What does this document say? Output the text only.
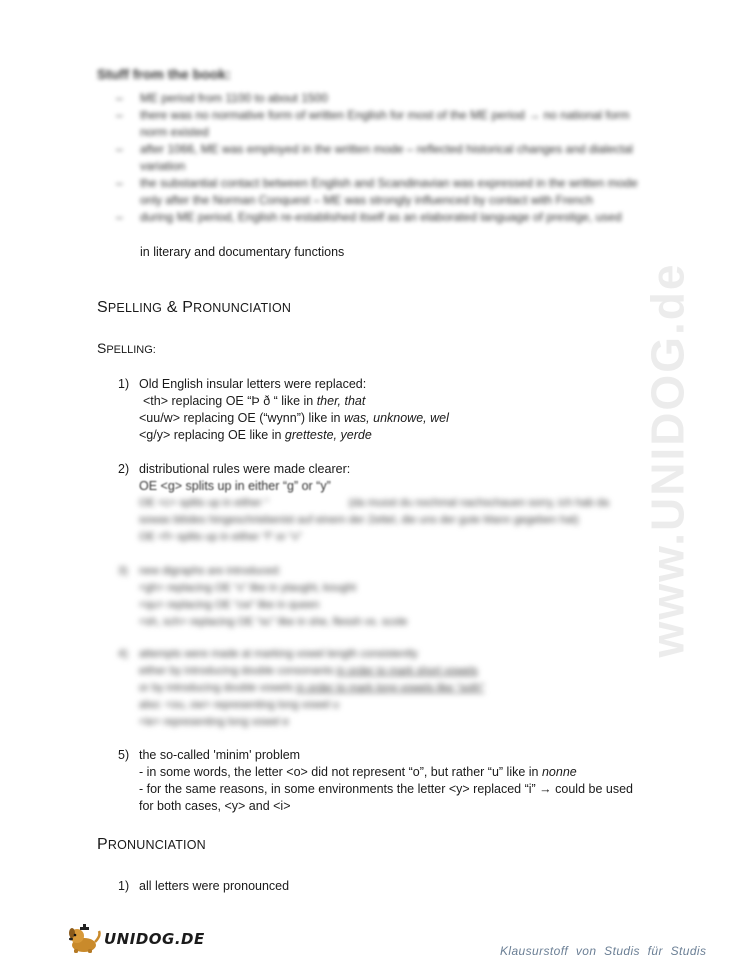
www.UNIDOG.de
Stuff from the book:
– ME period from 1100 to about 1500
– there was no normative form of written English for most of the ME period → no national form norm existed
– after 1066, ME was employed in the written mode – reflected historical changes and dialectal variation
– the substantial contact between English and Scandinavian was expressed in the written mode only after the Norman Conquest – ME was strongly influenced by contact with French
– during ME period, English re-established itself as an elaborated language of prestige, used
in literary and documentary functions
SPELLING & PRONUNCIATION
SPELLING:
1) Old English insular letters were replaced:
<th> replacing OE “Þ ð “ like in ther, that
<uu/w> replacing OE (“wynn”) like in was, unknowe, wel
<g/y> replacing OE like in gretteste, yerde
2) distributional rules were made clearer:
OE <g> splits up in either “g” or “y”
OE <c> splits up in either “	(da musst du nochmal nachschauen sorry, ich hab da
sowas blödes hingeschriebenist auf einem der Zettel, die uns der gute Mann gegeben hat)
OE <f> splits up in either “f” or “v”
3) new digraphs are introduced:
<gh> replacing OE “x” like in ytaught, kought
<qu> replacing OE “cw” like in queen
<sh, sch> replacing OE “sc” like in she, flessh vs. scole
4) attempts were made at marking vowel length consistently
either by introducing double consonants in order to mark short vowels
or by introducing double vowels in order to mark long vowels like “soth”
also: <ou, ow> representing long vowel u
<ie> representing long vowel e
5) the so-called 'minim' problem
- in some words, the letter <o> did not represent “o”, but rather “u” like in nonne
- for the same reasons, in some environments the letter <y> replaced “i” → could be used
for both cases, <y> and <i>
PRONUNCIATION
1) all letters were pronounced
UNIDOG.DE
Klausurstoff von Studis für Studis
